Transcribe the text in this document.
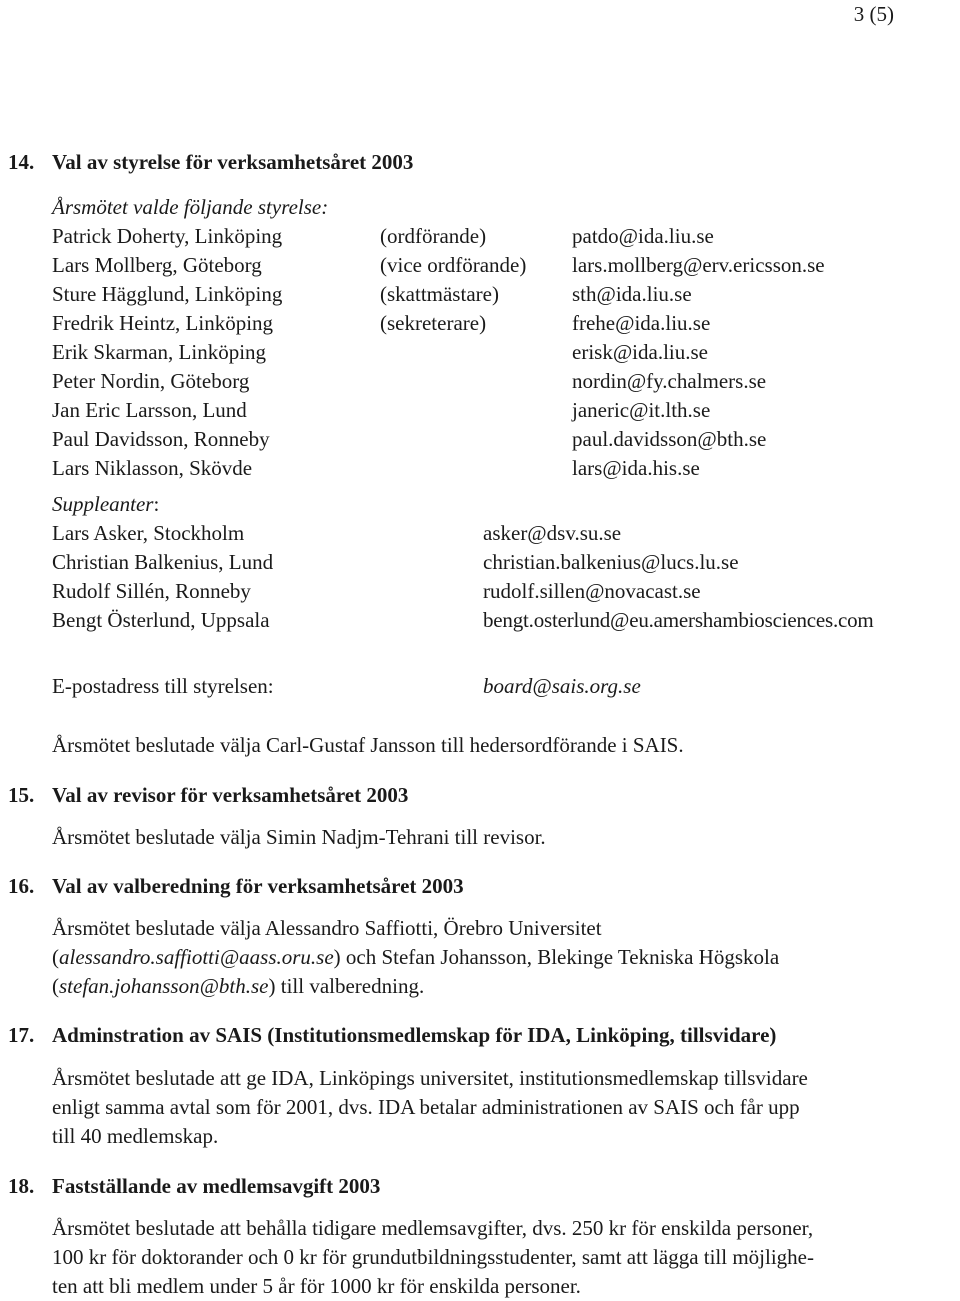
3 (5)
14. Val av styrelse för verksamhetsåret 2003
Årsmötet valde följande styrelse:
Patrick Doherty, Linköping	(ordförande)	patdo@ida.liu.se
Lars Mollberg, Göteborg	(vice ordförande) lars.mollberg@erv.ericsson.se
Sture Hägglund, Linköping	(skattmästare)	sth@ida.liu.se
Fredrik Heintz, Linköping	(sekreterare)	frehe@ida.liu.se
Erik Skarman, Linköping	erisk@ida.liu.se
Peter Nordin, Göteborg	nordin@fy.chalmers.se
Jan Eric Larsson, Lund	janeric@it.lth.se
Paul Davidsson, Ronneby	paul.davidsson@bth.se
Lars Niklasson, Skövde	lars@ida.his.se
Suppleanter:
Lars Asker, Stockholm	asker@dsv.su.se
Christian Balkenius, Lund	christian.balkenius@lucs.lu.se
Rudolf Sillén, Ronneby	rudolf.sillen@novacast.se
Bengt Österlund, Uppsala	bengt.osterlund@eu.amershambiosciences.com
E-postadress till styrelsen:	board@sais.org.se
Årsmötet beslutade välja Carl-Gustaf Jansson till hedersordförande i SAIS.
15. Val av revisor för verksamhetsåret 2003
Årsmötet beslutade välja Simin Nadjm-Tehrani till revisor.
16. Val av valberedning för verksamhetsåret 2003
Årsmötet beslutade välja Alessandro Saffiotti, Örebro Universitet
(alessandro.saffiotti@aass.oru.se) och Stefan Johansson, Blekinge Tekniska Högskola
(stefan.johansson@bth.se) till valberedning.
17. Adminstration av SAIS (Institutionsmedlemskap för IDA, Linköping, tillsvidare)
Årsmötet beslutade att ge IDA, Linköpings universitet, institutionsmedlemskap tillsvidare
enligt samma avtal som för 2001, dvs. IDA betalar administrationen av SAIS och får upp
till 40 medlemskap.
18. Fastställande av medlemsavgift 2003
Årsmötet beslutade att behålla tidigare medlemsavgifter, dvs. 250 kr för enskilda personer,
100 kr för doktorander och 0 kr för grundutbildningsstudenter, samt att lägga till möjlighe-
ten att bli medlem under 5 år för 1000 kr för enskilda personer.
